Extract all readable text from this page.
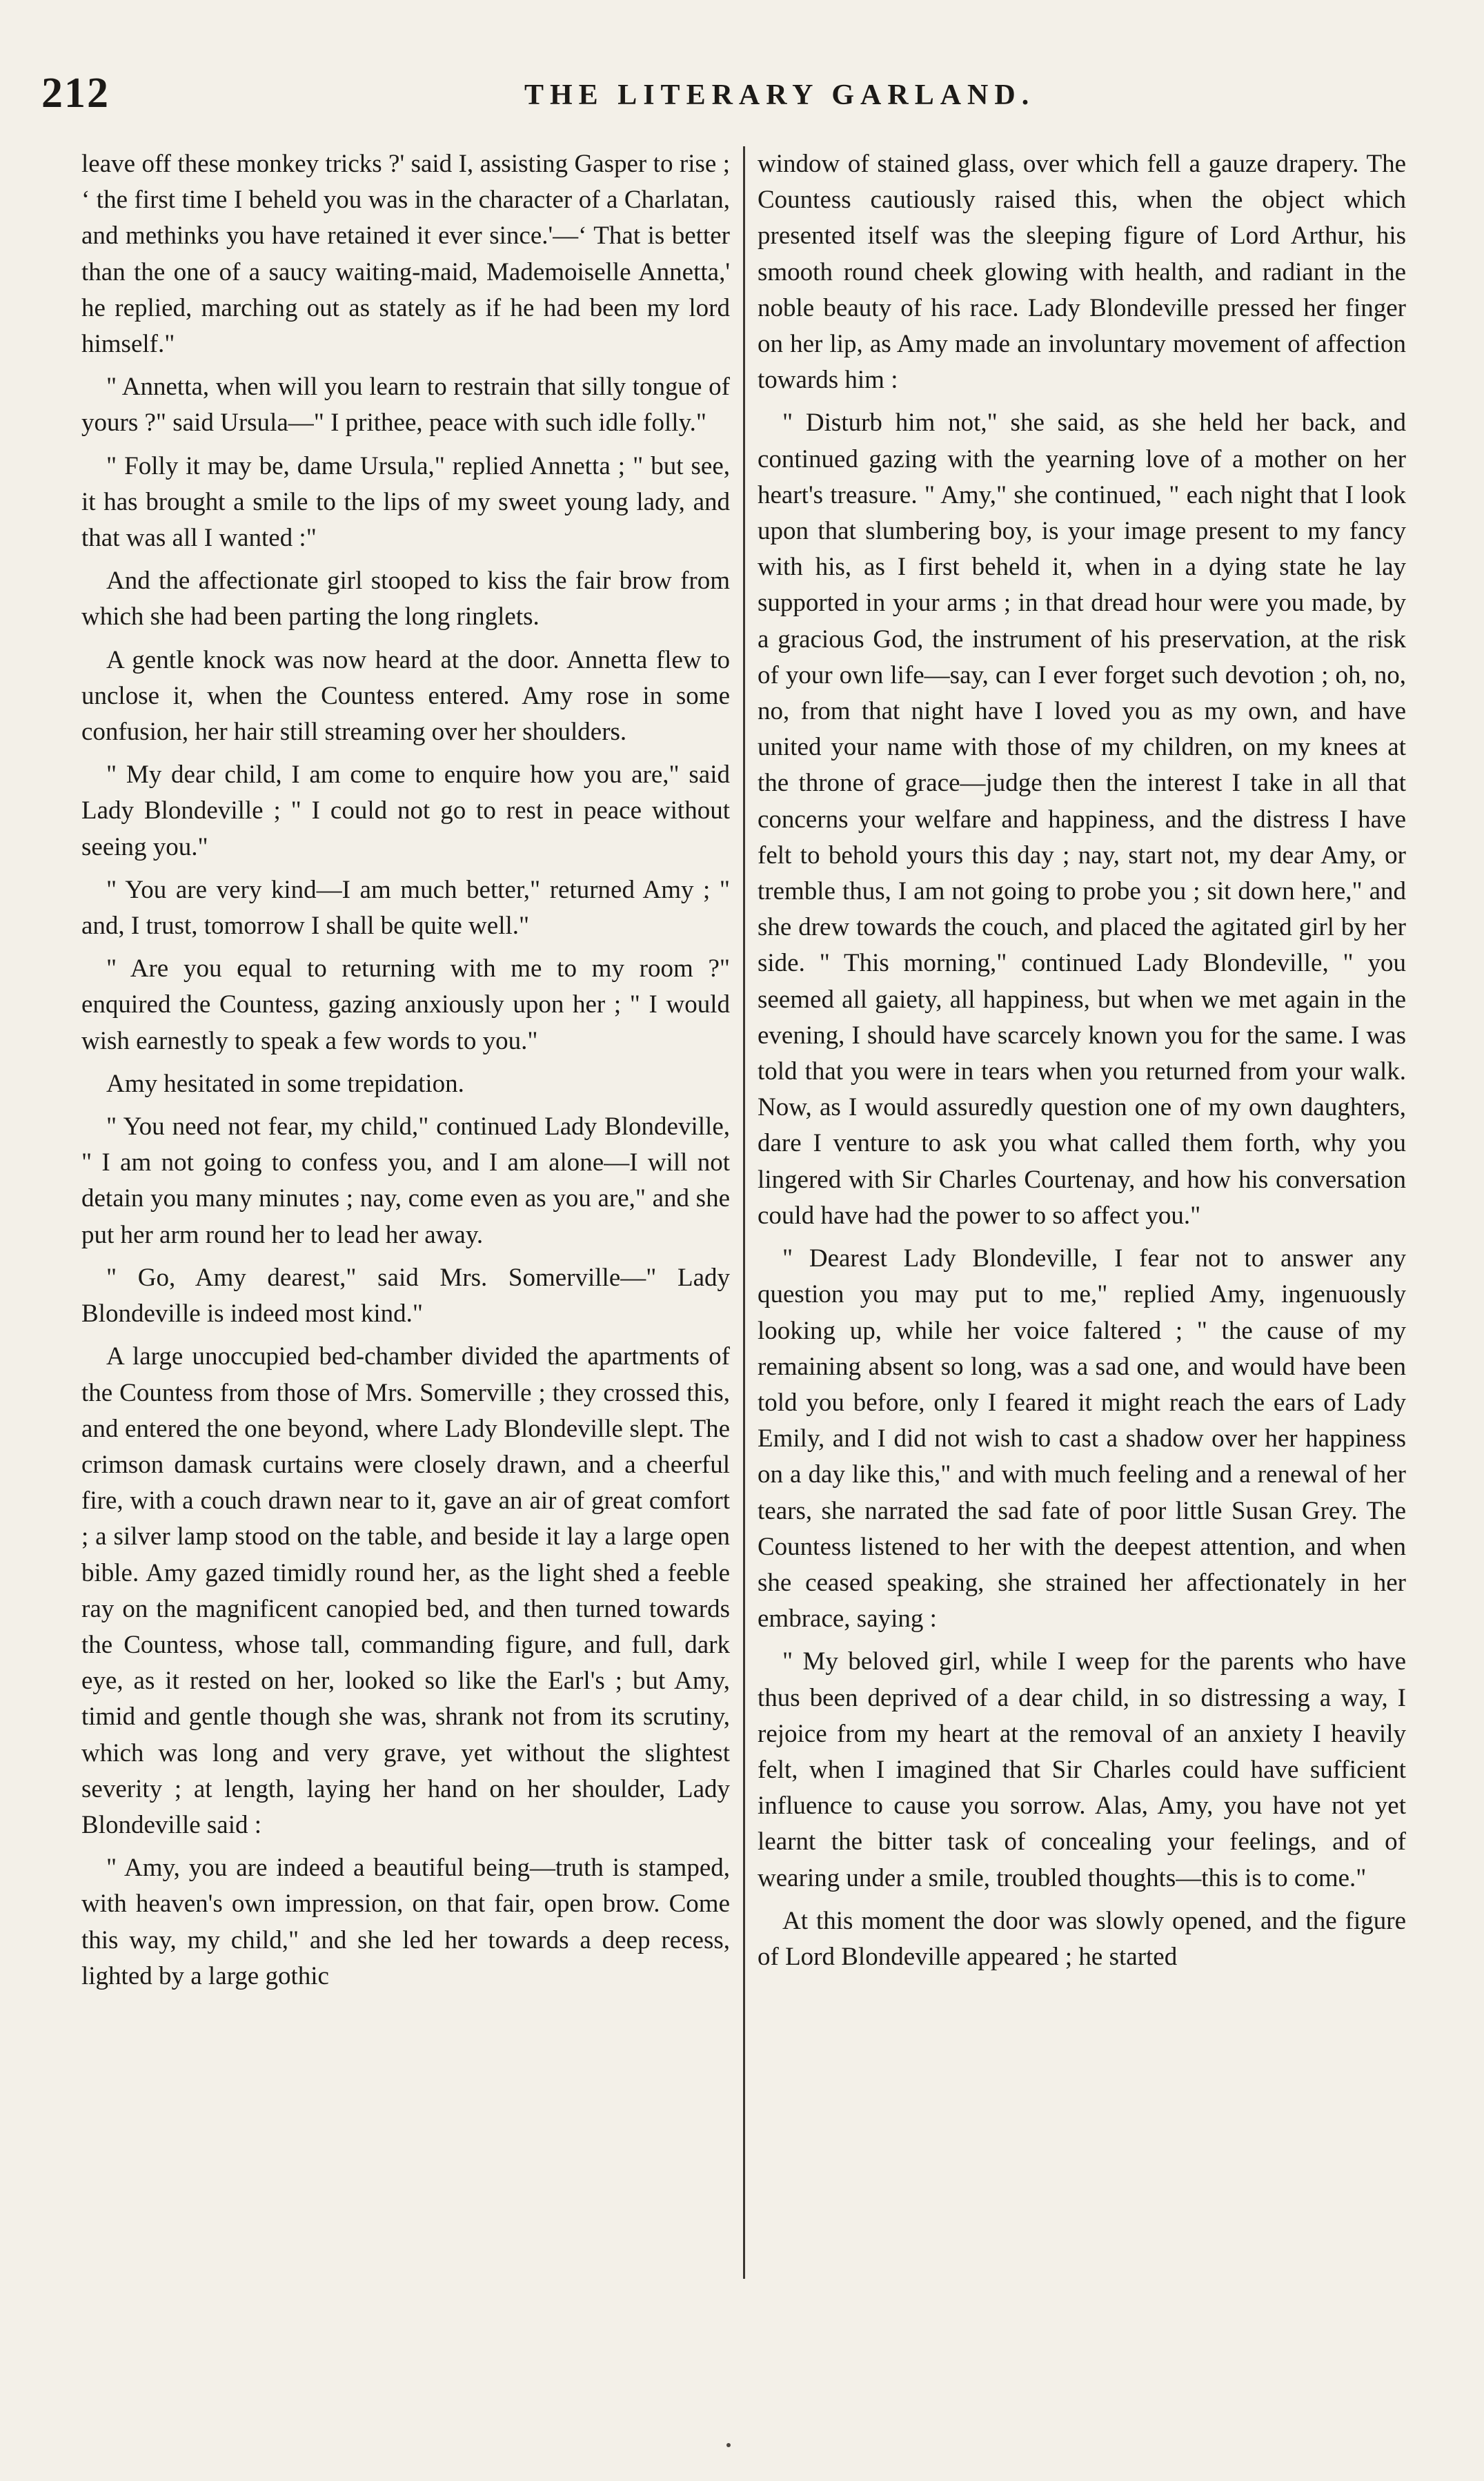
212	THE LITERARY GARLAND.

leave off these monkey tricks ?' said I, assisting Gasper to rise ; ‘ the first time I beheld you was in the character of a Charlatan, and methinks you have retained it ever since.'—‘ That is better than the one of a saucy waiting-maid, Mademoiselle Annetta,' he replied, marching out as stately as if he had been my lord himself."

" Annetta, when will you learn to restrain that silly tongue of yours ?" said Ursula—" I prithee, peace with such idle folly."

" Folly it may be, dame Ursula," replied Annetta ; " but see, it has brought a smile to the lips of my sweet young lady, and that was all I wanted :"

And the affectionate girl stooped to kiss the fair brow from which she had been parting the long ringlets.

A gentle knock was now heard at the door. Annetta flew to unclose it, when the Countess entered. Amy rose in some confusion, her hair still streaming over her shoulders.

" My dear child, I am come to enquire how you are," said Lady Blondeville ; " I could not go to rest in peace without seeing you."

" You are very kind—I am much better," returned Amy ; " and, I trust, tomorrow I shall be quite well."

" Are you equal to returning with me to my room ?" enquired the Countess, gazing anxiously upon her ; " I would wish earnestly to speak a few words to you."

Amy hesitated in some trepidation.

" You need not fear, my child," continued Lady Blondeville, " I am not going to confess you, and I am alone—I will not detain you many minutes ; nay, come even as you are," and she put her arm round her to lead her away.

" Go, Amy dearest," said Mrs. Somerville—" Lady Blondeville is indeed most kind."

A large unoccupied bed-chamber divided the apartments of the Countess from those of Mrs. Somerville ; they crossed this, and entered the one beyond, where Lady Blondeville slept. The crimson damask curtains were closely drawn, and a cheerful fire, with a couch drawn near to it, gave an air of great comfort ; a silver lamp stood on the table, and beside it lay a large open bible. Amy gazed timidly round her, as the light shed a feeble ray on the magnificent canopied bed, and then turned towards the Countess, whose tall, commanding figure, and full, dark eye, as it rested on her, looked so like the Earl's ; but Amy, timid and gentle though she was, shrank not from its scrutiny, which was long and very grave, yet without the slightest severity ; at length, laying her hand on her shoulder, Lady Blondeville said :

" Amy, you are indeed a beautiful being—truth is stamped, with heaven's own impression, on that fair, open brow. Come this way, my child," and she led her towards a deep recess, lighted by a large gothic

window of stained glass, over which fell a gauze drapery. The Countess cautiously raised this, when the object which presented itself was the sleeping figure of Lord Arthur, his smooth round cheek glowing with health, and radiant in the noble beauty of his race. Lady Blondeville pressed her finger on her lip, as Amy made an involuntary movement of affection towards him :

" Disturb him not," she said, as she held her back, and continued gazing with the yearning love of a mother on her heart's treasure. " Amy," she continued, " each night that I look upon that slumbering boy, is your image present to my fancy with his, as I first beheld it, when in a dying state he lay supported in your arms ; in that dread hour were you made, by a gracious God, the instrument of his preservation, at the risk of your own life—say, can I ever forget such devotion ; oh, no, no, from that night have I loved you as my own, and have united your name with those of my children, on my knees at the throne of grace—judge then the interest I take in all that concerns your welfare and happiness, and the distress I have felt to behold yours this day ; nay, start not, my dear Amy, or tremble thus, I am not going to probe you ; sit down here," and she drew towards the couch, and placed the agitated girl by her side. " This morning," continued Lady Blondeville, " you seemed all gaiety, all happiness, but when we met again in the evening, I should have scarcely known you for the same. I was told that you were in tears when you returned from your walk. Now, as I would assuredly question one of my own daughters, dare I venture to ask you what called them forth, why you lingered with Sir Charles Courtenay, and how his conversation could have had the power to so affect you."

" Dearest Lady Blondeville, I fear not to answer any question you may put to me," replied Amy, ingenuously looking up, while her voice faltered ; " the cause of my remaining absent so long, was a sad one, and would have been told you before, only I feared it might reach the ears of Lady Emily, and I did not wish to cast a shadow over her happiness on a day like this," and with much feeling and a renewal of her tears, she narrated the sad fate of poor little Susan Grey. The Countess listened to her with the deepest attention, and when she ceased speaking, she strained her affectionately in her embrace, saying :

" My beloved girl, while I weep for the parents who have thus been deprived of a dear child, in so distressing a way, I rejoice from my heart at the removal of an anxiety I heavily felt, when I imagined that Sir Charles could have sufficient influence to cause you sorrow. Alas, Amy, you have not yet learnt the bitter task of concealing your feelings, and of wearing under a smile, troubled thoughts—this is to come."

At this moment the door was slowly opened, and the figure of Lord Blondeville appeared ; he started
